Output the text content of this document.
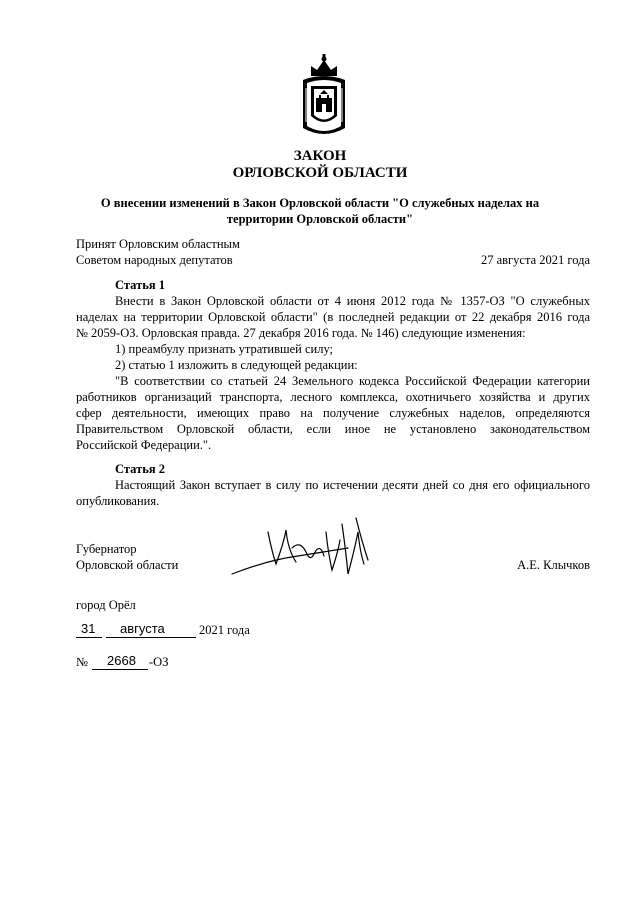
ЗАКОН
ОРЛОВСКОЙ ОБЛАСТИ
О внесении изменений в Закон Орловской области "О служебных наделах на
территории Орловской области"
Принят Орловским областным
Советом народных депутатов	27 августа 2021 года
Статья 1
Внести в Закон Орловской области от 4 июня 2012 года № 1357-ОЗ "О служебных
наделах на территории Орловской области" (в последней редакции от 22 декабря 2016 года
№ 2059-ОЗ. Орловская правда. 27 декабря 2016 года. № 146) следующие изменения:
1) преамбулу признать утратившей силу;
2) статью 1 изложить в следующей редакции:
"В соответствии со статьей 24 Земельного кодекса Российской Федерации категории
работников организаций транспорта, лесного комплекса, охотничьего хозяйства и других
сфер деятельности, имеющих право на получение служебных наделов, определяются
Правительством Орловской области, если иное не установлено законодательством
Российской Федерации.".
Статья 2
Настоящий Закон вступает в силу по истечении десяти дней со дня его официального
опубликования.
Губернатор
Орловской области	А.Е. Клычков
город Орёл
31 августа	2021 года
№ 2668 -ОЗ
